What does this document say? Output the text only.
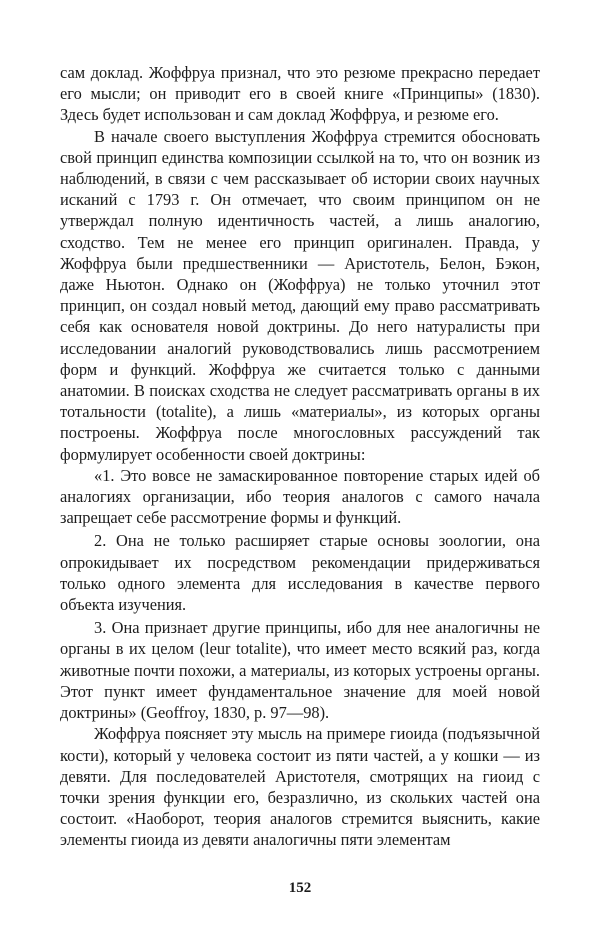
сам доклад. Жоффруа признал, что это резюме прекрасно передает его мысли; он приводит его в своей книге «Принципы» (1830). Здесь будет использован и сам доклад Жоффруа, и резюме его.

В начале своего выступления Жоффруа стремится обосновать свой принцип единства композиции ссылкой на то, что он возник из наблюдений, в связи с чем рассказывает об истории своих научных исканий с 1793 г. Он отмечает, что своим принципом он не утверждал полную идентичность частей, а лишь аналогию, сходство. Тем не менее его принцип оригинален. Правда, у Жоффруа были предшественники — Аристотель, Белон, Бэкон, даже Ньютон. Однако он (Жоффруа) не только уточнил этот принцип, он создал новый метод, дающий ему право рассматривать себя как основателя новой доктрины. До него натуралисты при исследовании аналогий руководствовались лишь рассмотрением форм и функций. Жоффруа же считается только с данными анатомии. В поисках сходства не следует рассматривать органы в их тотальности (totalite), а лишь «материалы», из которых органы построены. Жоффруа после многословных рассуждений так формулирует особенности своей доктрины:

«1. Это вовсе не замаскированное повторение старых идей об аналогиях организации, ибо теория аналогов с самого начала запрещает себе рассмотрение формы и функций.

2. Она не только расширяет старые основы зоологии, она опрокидывает их посредством рекомендации придерживаться только одного элемента для исследования в качестве первого объекта изучения.

3. Она признает другие принципы, ибо для нее аналогичны не органы в их целом (leur totalite), что имеет место всякий раз, когда животные почти похожи, а материалы, из которых устроены органы. Этот пункт имеет фундаментальное значение для моей новой доктрины» (Geoffroy, 1830, p. 97—98).

Жоффруа поясняет эту мысль на примере гиоида (подъязычной кости), который у человека состоит из пяти частей, а у кошки — из девяти. Для последователей Аристотеля, смотрящих на гиоид с точки зрения функции его, безразлично, из скольких частей она состоит. «Наоборот, теория аналогов стремится выяснить, какие элементы гиоида из девяти аналогичны пяти элементам

152
